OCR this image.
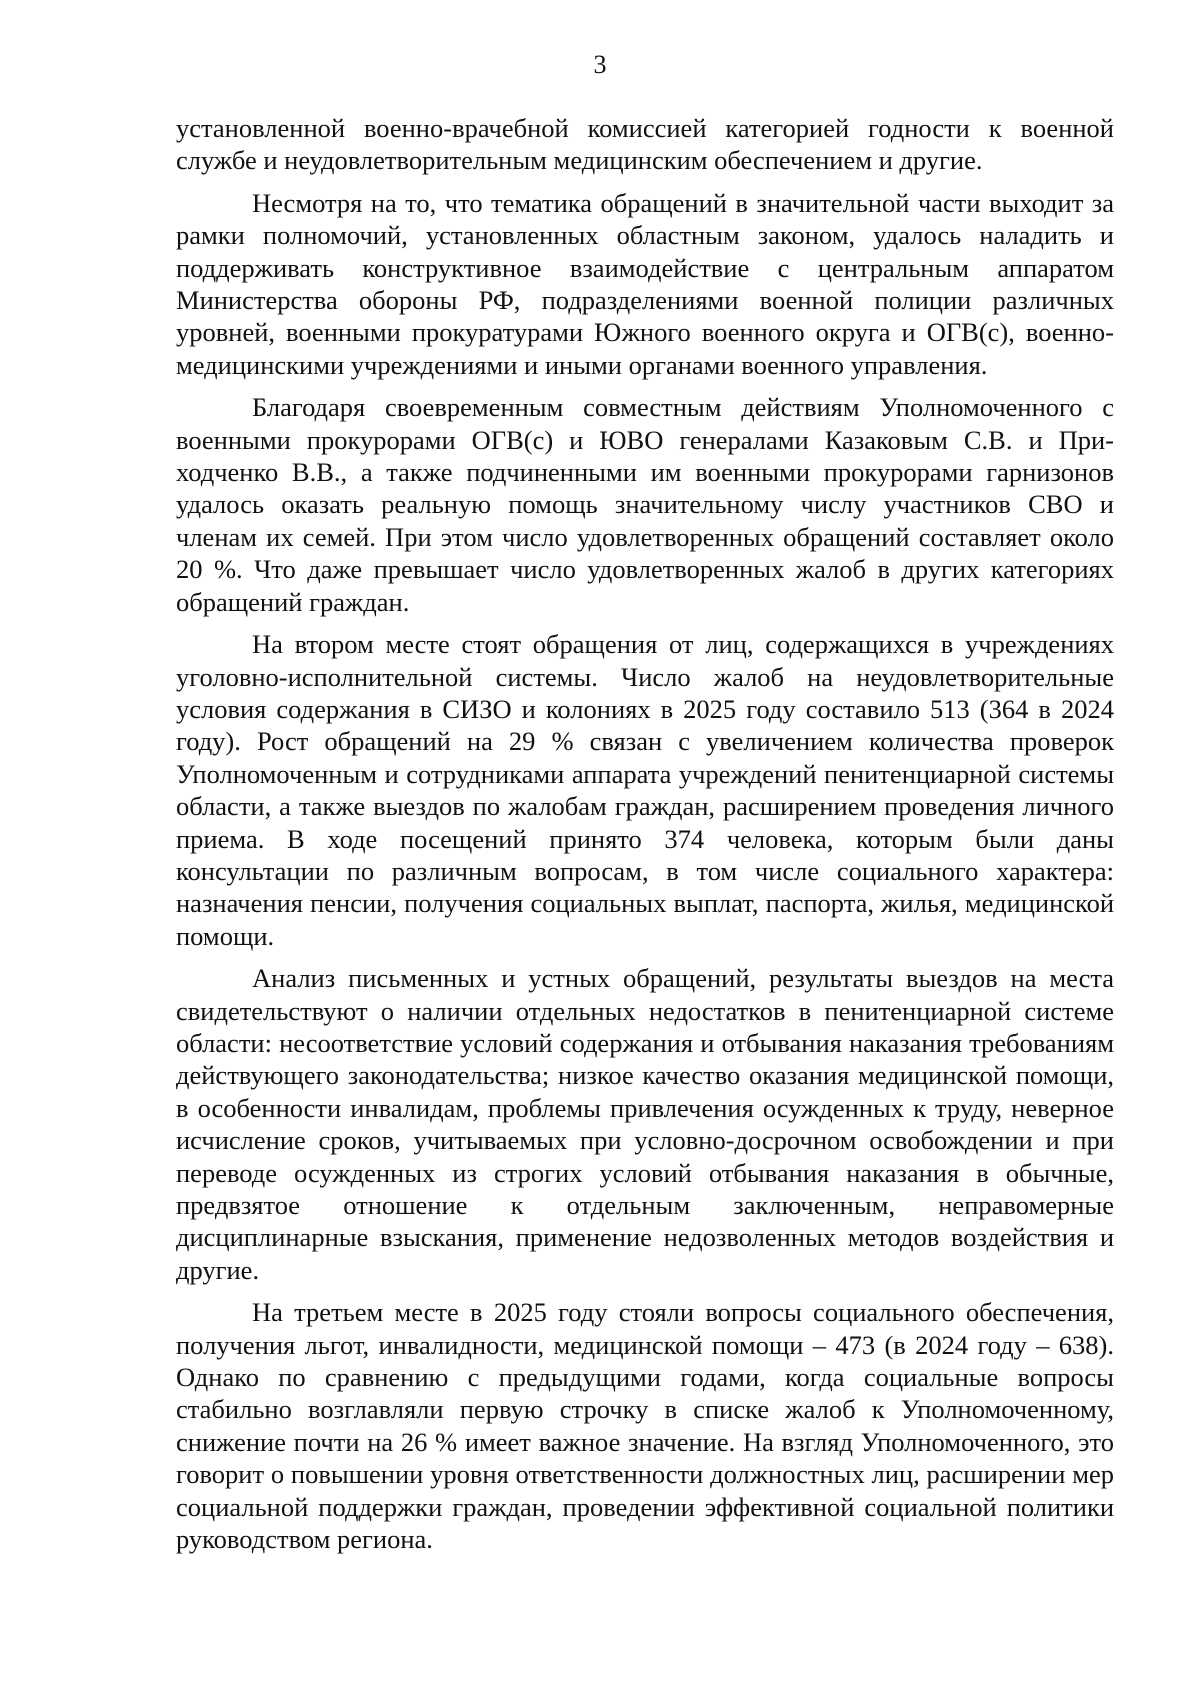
3

установленной военно-врачебной комиссией категорией годности к военной службе и неудовлетворительным медицинским обеспечением и другие.

Несмотря на то, что тематика обращений в значительной части выходит за рамки полномочий, установленных областным законом, удалось наладить и поддерживать конструктивное взаимодействие с центральным аппаратом Министерства обороны РФ, подразделениями военной полиции различных уровней, военными прокуратурами Южного военного округа и ОГВ(с), военно-медицинскими учреждениями и иными органами военного управления.

Благодаря своевременным совместным действиям Уполномоченного с военными прокурорами ОГВ(с) и ЮВО генералами Казаковым С.В. и Приходченко В.В., а также подчиненными им военными прокурорами гарнизонов удалось оказать реальную помощь значительному числу участников СВО и членам их семей. При этом число удовлетворенных обращений составляет около 20 %. Что даже превышает число удовлетворенных жалоб в других категориях обращений граждан.

На втором месте стоят обращения от лиц, содержащихся в учреждениях уголовно-исполнительной системы. Число жалоб на неудовлетворительные условия содержания в СИЗО и колониях в 2025 году составило 513 (364 в 2024 году). Рост обращений на 29 % связан с увеличением количества проверок Уполномоченным и сотрудниками аппарата учреждений пенитенциарной системы области, а также выездов по жалобам граждан, расширением проведения личного приема. В ходе посещений принято 374 человека, которым были даны консультации по различным вопросам, в том числе социального характера: назначения пенсии, получения социальных выплат, паспорта, жилья, медицинской помощи.

Анализ письменных и устных обращений, результаты выездов на места свидетельствуют о наличии отдельных недостатков в пенитенциарной системе области: несоответствие условий содержания и отбывания наказания требованиям действующего законодательства; низкое качество оказания медицинской помощи, в особенности инвалидам, проблемы привлечения осужденных к труду, неверное исчисление сроков, учитываемых при условно-досрочном освобождении и при переводе осужденных из строгих условий отбывания наказания в обычные, предвзятое отношение к отдельным заключенным, неправомерные дисциплинарные взыскания, применение недозволенных методов воздействия и другие.

На третьем месте в 2025 году стояли вопросы социального обеспечения, получения льгот, инвалидности, медицинской помощи – 473 (в 2024 году – 638). Однако по сравнению с предыдущими годами, когда социальные вопросы стабильно возглавляли первую строчку в списке жалоб к Уполномоченному, снижение почти на 26 % имеет важное значение. На взгляд Уполномоченного, это говорит о повышении уровня ответственности должностных лиц, расширении мер социальной поддержки граждан, проведении эффективной социальной политики руководством региона.
